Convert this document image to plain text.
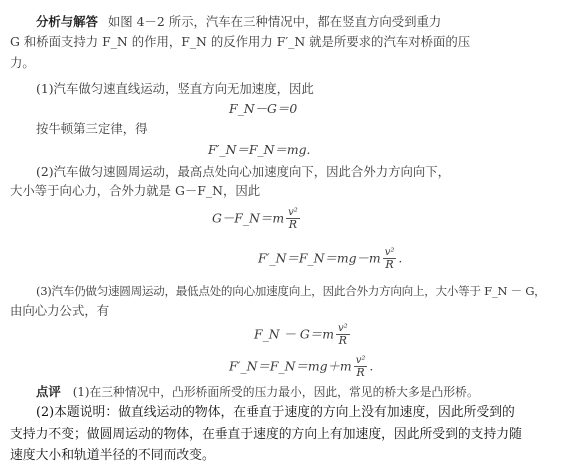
分析与解答 如图 4－2 所示，汽车在三种情况中，都在竖直方向受到重力
G 和桥面支持力 F_N 的作用，F_N 的反作用力 F′_N 就是所要求的汽车对桥面的压
力。
(1)汽车做匀速直线运动，竖直方向无加速度，因此
F_N－G＝0
按牛顿第三定律，得
F′_N＝F_N＝mg.
(2)汽车做匀速圆周运动，最高点处向心加速度向下，因此合外力方向向下，
大小等于向心力，合外力就是 G－F_N，因此
G－F_N＝m $\frac{\text{v²}}{R}$
F′_N＝F_N＝mg－m $\frac{\text{v²}}{R}$ .
(3)汽车仍做匀速圆周运动，最低点处的向心加速度向上，因此合外力方向向上，大小等于 F_N － G，
由向心力公式，有
F_N － $G=m \frac{\text{v²}}{R}$
F′_N＝F_N＝mg＋m $\frac{\text{v²}}{R}$ .
点评 (1)在三种情况中，凸形桥面所受的压力最小，因此，常见的桥大多是凸形桥。
(2)本题说明：做直线运动的物体，在垂直于速度的方向上没有加速度，因此所受到的
支持力不变；做圆周运动的物体，在垂直于速度的方向上有加速度，因此所受到的支持力随
速度大小和轨道半径的不同而改变。
